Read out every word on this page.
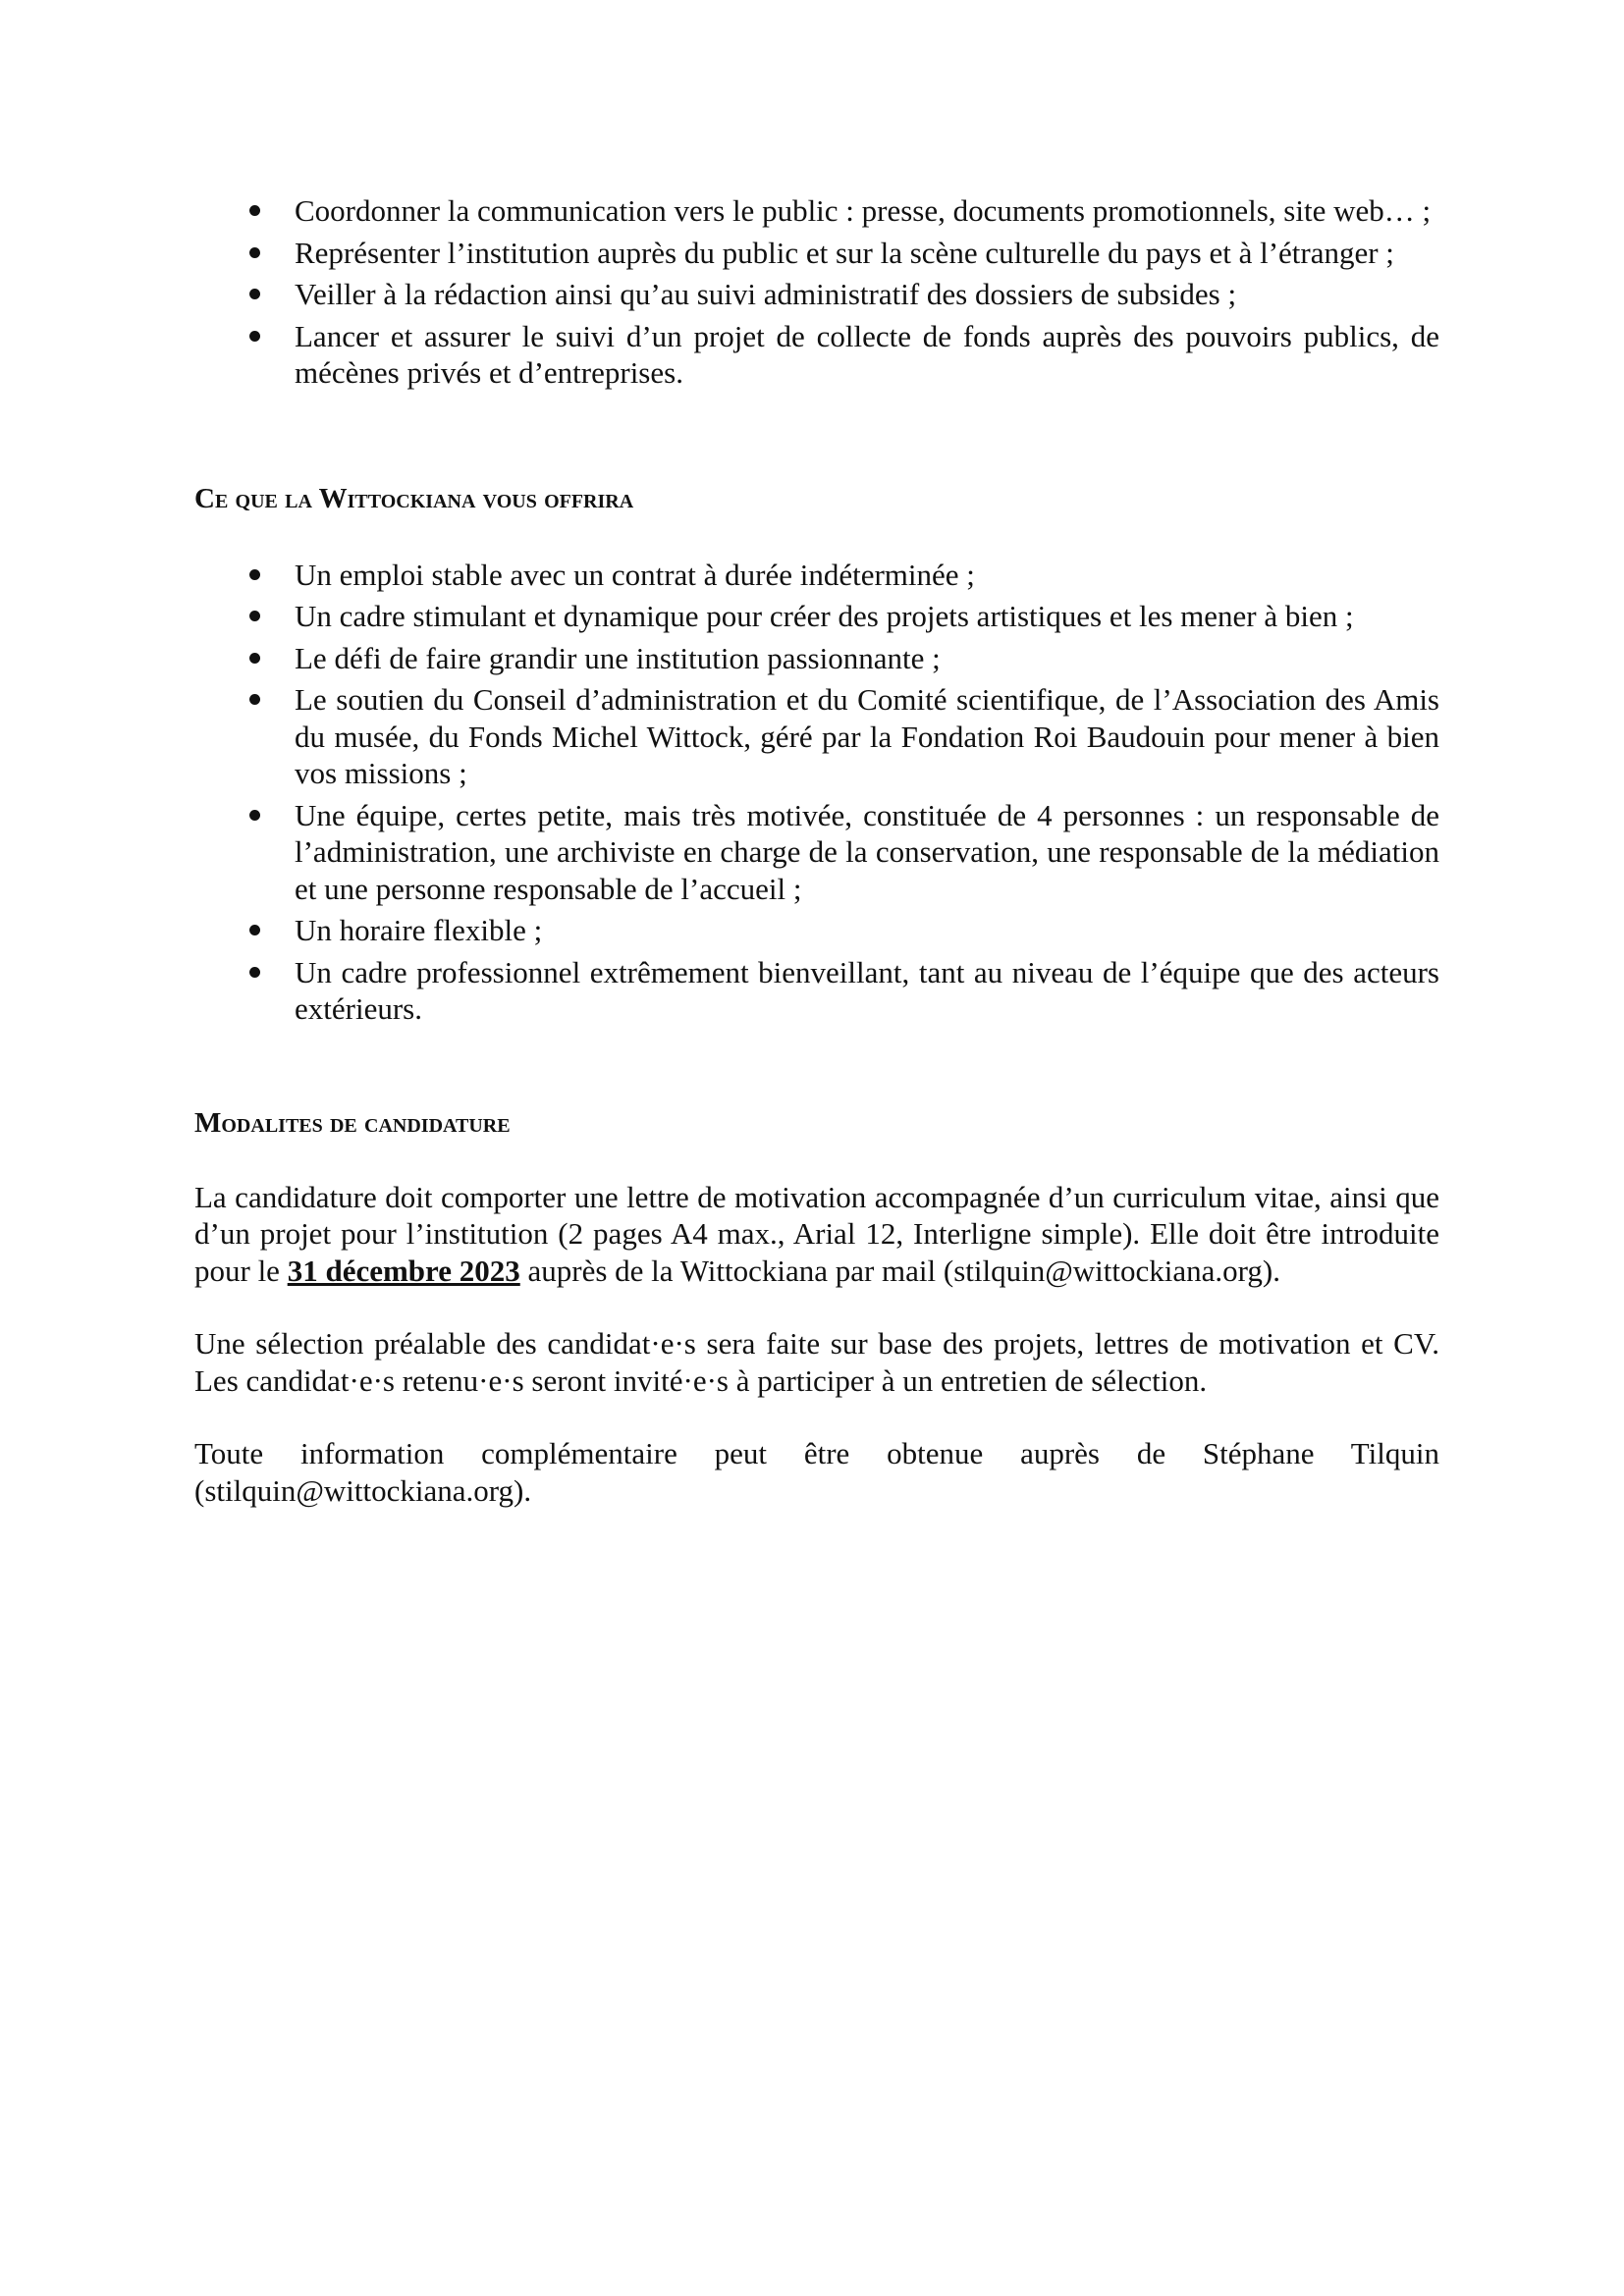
Coordonner la communication vers le public : presse, documents promotionnels, site web… ;
Représenter l’institution auprès du public et sur la scène culturelle du pays et à l’étranger ;
Veiller à la rédaction ainsi qu’au suivi administratif des dossiers de subsides ;
Lancer et assurer le suivi d’un projet de collecte de fonds auprès des pouvoirs publics, de mécènes privés et d’entreprises.
Ce que la Wittockiana vous offrira
Un emploi stable avec un contrat à durée indéterminée ;
Un cadre stimulant et dynamique pour créer des projets artistiques et les mener à bien ;
Le défi de faire grandir une institution passionnante ;
Le soutien du Conseil d’administration et du Comité scientifique, de l’Association des Amis du musée, du Fonds Michel Wittock, géré par la Fondation Roi Baudouin pour mener à bien vos missions ;
Une équipe, certes petite, mais très motivée, constituée de 4 personnes : un responsable de l’administration, une archiviste en charge de la conservation, une responsable de la médiation et une personne responsable de l’accueil ;
Un horaire flexible ;
Un cadre professionnel extrêmement bienveillant, tant au niveau de l’équipe que des acteurs extérieurs.
Modalites de candidature

La candidature doit comporter une lettre de motivation accompagnée d’un curriculum vitae, ainsi que d’un projet pour l’institution (2 pages A4 max., Arial 12, Interligne simple). Elle doit être introduite pour le 31 décembre 2023 auprès de la Wittockiana par mail (stilquin@wittockiana.org).

Une sélection préalable des candidat·e·s sera faite sur base des projets, lettres de motivation et CV. Les candidat·e·s retenu·e·s seront invité·e·s à participer à un entretien de sélection.

Toute information complémentaire peut être obtenue auprès de Stéphane Tilquin (stilquin@wittockiana.org).
